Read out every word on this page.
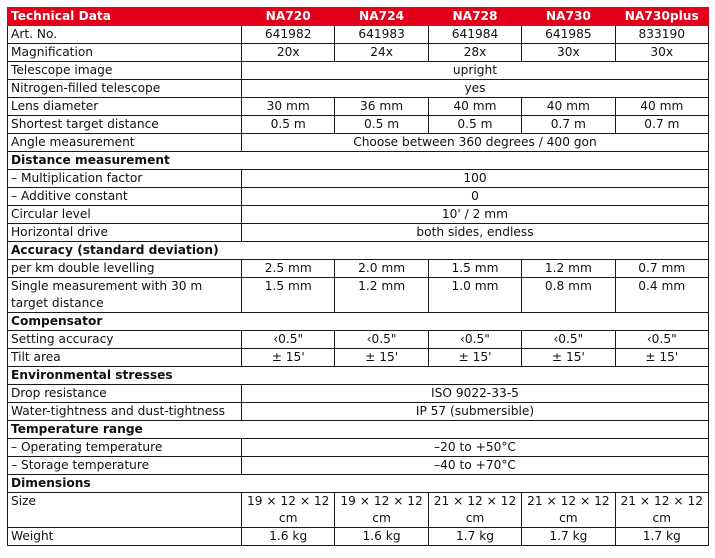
Technical Data	NA720	NA724	NA728	NA730	NA730plus
Art. No.	641982	641983	641984	641985	833190
Magnification	20x	24x	28x	30x	30x
Telescope image	upright				
Nitrogen-filled telescope	yes				
Lens diameter	30 mm	36 mm	40 mm	40 mm	40 mm
Shortest target distance	0.5 m	0.5 m	0.5 m	0.7 m	0.7 m
Angle measurement	Choose between 360 degrees / 400 gon				
Distance measurement					
– Multiplication factor	100				
– Additive constant	0				
Circular level	10' / 2 mm				
Horizontal drive	both sides, endless				
Accuracy (standard deviation)					
per km double levelling	2.5 mm	2.0 mm	1.5 mm	1.2 mm	0.7 mm
Single measurement with 30 m target distance	1.5 mm	1.2 mm	1.0 mm	0.8 mm	0.4 mm
Compensator					
Setting accuracy	‹0.5"	‹0.5"	‹0.5"	‹0.5"	‹0.5"
Tilt area	± 15'	± 15'	± 15'	± 15'	± 15'
Environmental stresses					
Drop resistance	ISO 9022-33-5				
Water-tightness and dust-tightness	IP 57 (submersible)				
Temperature range					
– Operating temperature	–20 to +50°C				
– Storage temperature	–40 to +70°C				
Dimensions					
Size	19 × 12 × 12 cm	19 × 12 × 12 cm	21 × 12 × 12 cm	21 × 12 × 12 cm	21 × 12 × 12 cm
Weight	1.6 kg	1.6 kg	1.7 kg	1.7 kg	1.7 kg
